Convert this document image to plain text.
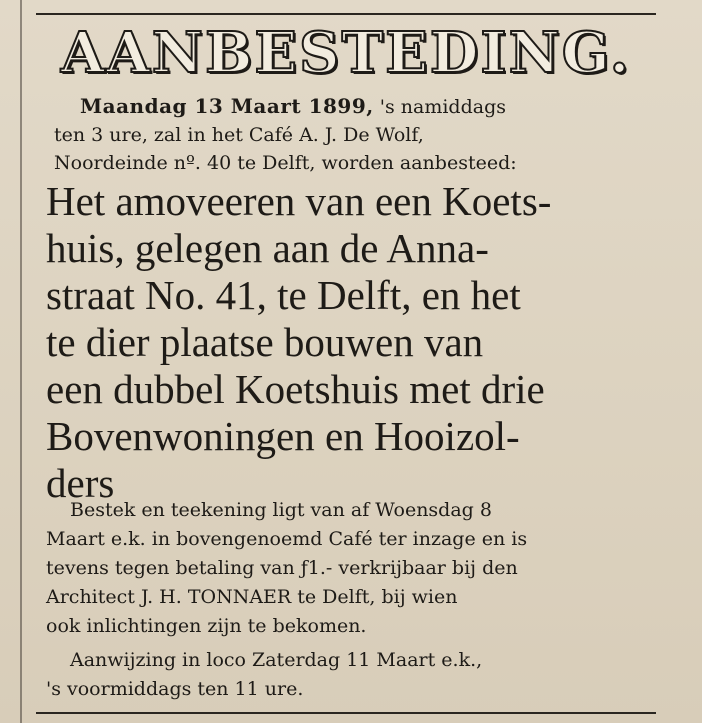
AANBESTEDING.
Maandag 13 Maart 1899, 's namiddags
ten 3 ure, zal in het Café A. J. De Wolf,
Noordeinde nº. 40 te Delft, worden aanbesteed:
Het amoveeren van een Koets-
huis, gelegen aan de Anna-
straat No. 41, te Delft, en het
te dier plaatse bouwen van
een dubbel Koetshuis met drie
Bovenwoningen en Hooizol-
ders
Bestek en teekening ligt van af Woensdag 8
Maart e.k. in bovengenoemd Café ter inzage en is
tevens tegen betaling van ƒ1.- verkrijbaar bij den
Architect J. H. TONNAER te Delft, bij wien
ook inlichtingen zijn te bekomen.
Aanwijzing in loco Zaterdag 11 Maart e.k.,
's voormiddags ten 11 ure.
